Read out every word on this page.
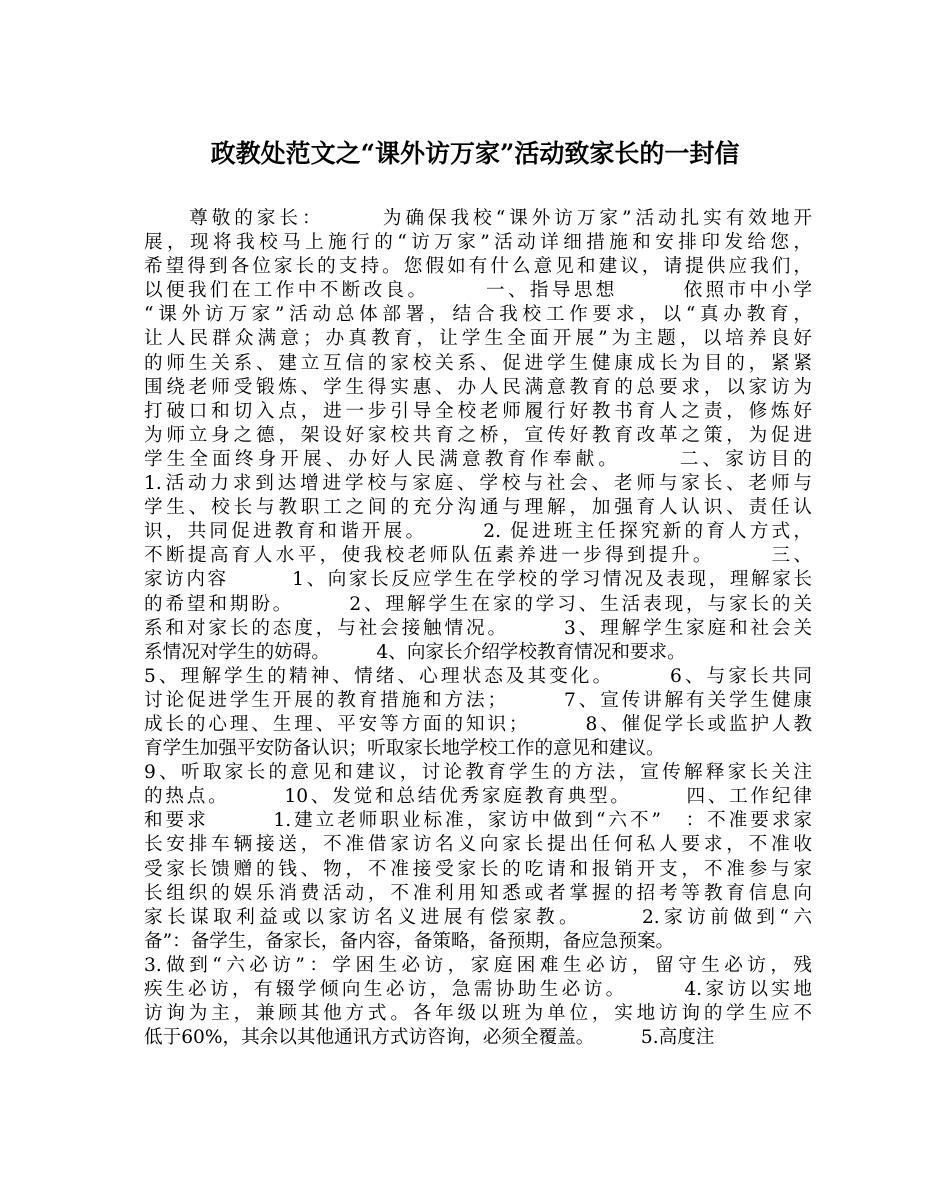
政教处范文之“课外访万家”活动致家长的一封信
　　尊敬的家长：　　　为确保我校“课外访万家”活动扎实有效地开
展，现将我校马上施行的“访万家”活动详细措施和安排印发给您，
希望得到各位家长的支持。您假如有什么意见和建议，请提供应我们，
以便我们在工作中不断改良。　　　一、指导思想　　　依照市中小学
“课外访万家”活动总体部署，结合我校工作要求，以“真办教育，
让人民群众满意；办真教育，让学生全面开展”为主题，以培养良好
的师生关系、建立互信的家校关系、促进学生健康成长为目的，紧紧
围绕老师受锻炼、学生得实惠、办人民满意教育的总要求，以家访为
打破口和切入点，进一步引导全校老师履行好教书育人之责，修炼好
为师立身之德，架设好家校共育之桥，宣传好教育改革之策，为促进
学生全面终身开展、办好人民满意教育作奉献。　　　二、家访目的
1.活动力求到达增进学校与家庭、学校与社会、老师与家长、老师与
学生、校长与教职工之间的充分沟通与理解，加强育人认识、责任认
识，共同促进教育和谐开展。　　　2. 促进班主任探究新的育人方式，
不断提高育人水平，使我校老师队伍素养进一步得到提升。　　　三、
家访内容　　　1、向家长反应学生在学校的学习情况及表现，理解家长
的希望和期盼。　　　2、理解学生在家的学习、生活表现，与家长的关
系和对家长的态度，与社会接触情况。　　　3、理解学生家庭和社会关
系情况对学生的妨碍。　　　4、向家长介绍学校教育情况和要求。
5、理解学生的精神、情绪、心理状态及其变化。　　　6、与家长共同
讨论促进学生开展的教育措施和方法；　　　7、宣传讲解有关学生健康
成长的心理、生理、平安等方面的知识；　　　8、催促学长或监护人教
育学生加强平安防备认识；听取家长地学校工作的意见和建议。
9、听取家长的意见和建议，讨论教育学生的方法，宣传解释家长关注
的热点。　　　10、发觉和总结优秀家庭教育典型。　　　四、工作纪律
和要求　　　1.建立老师职业标准，家访中做到“六不”　：不准要求家
长安排车辆接送，不准借家访名义向家长提出任何私人要求，不准收
受家长馈赠的钱、物，不准接受家长的吃请和报销开支，不准参与家
长组织的娱乐消费活动，不准利用知悉或者掌握的招考等教育信息向
家长谋取利益或以家访名义进展有偿家教。　　　2.家访前做到“六
备”：备学生，备家长，备内容，备策略，备预期，备应急预案。
3.做到“六必访”：学困生必访，家庭困难生必访，留守生必访，残
疾生必访，有辍学倾向生必访，急需协助生必访。　　　4.家访以实地
访询为主，兼顾其他方式。各年级以班为单位，实地访询的学生应不
低于60%，其余以其他通讯方式访咨询，必须全覆盖。　　　5.高度注
